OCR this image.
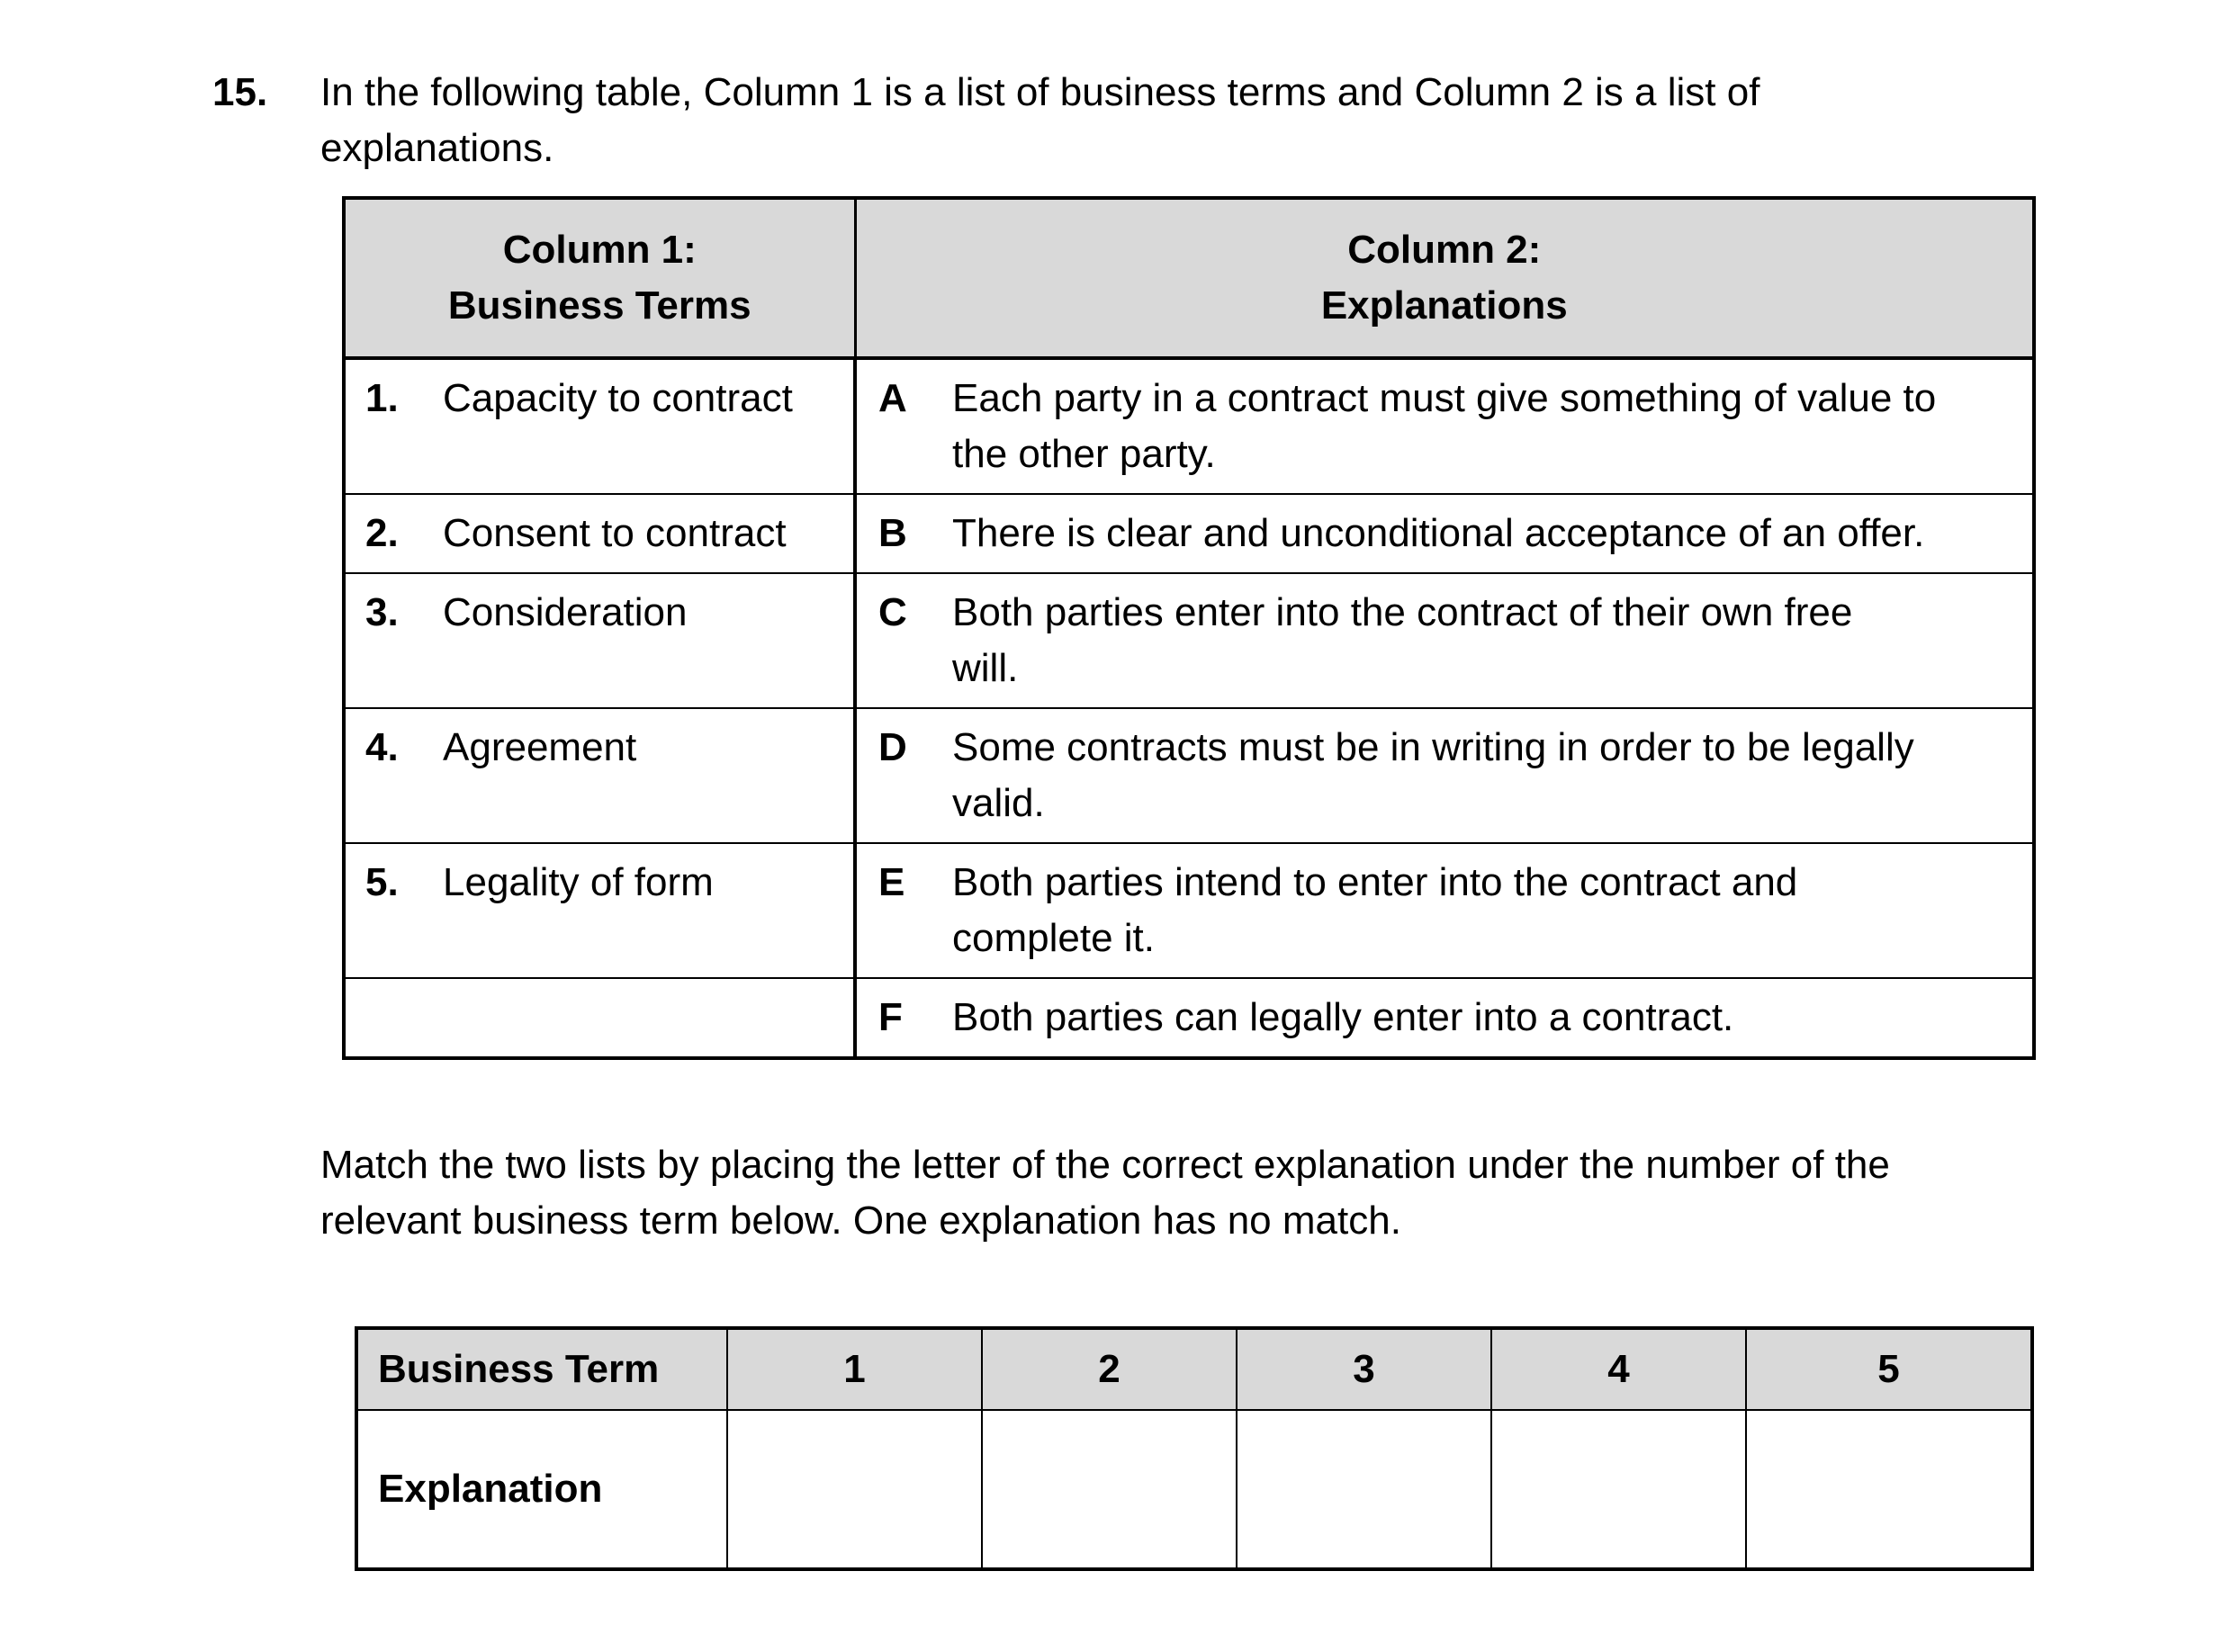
15. In the following table, Column 1 is a list of business terms and Column 2 is a list of
explanations.
Column 1:
Business Terms	Column 2:
Explanations

1. Capacity to contract	A Each party in a contract must give something of value to
the other party.

2. Consent to contract	B There is clear and unconditional acceptance of an offer.

3. Consideration	C Both parties enter into the contract of their own free
will.

4. Agreement	D Some contracts must be in writing in order to be legally
valid.

5. Legality of form	E Both parties intend to enter into the contract and
complete it.

	F Both parties can legally enter into a contract.
Match the two lists by placing the letter of the correct explanation under the number of the
relevant business term below. One explanation has no match.
Business Term	1	2	3	4	5
Explanation					
